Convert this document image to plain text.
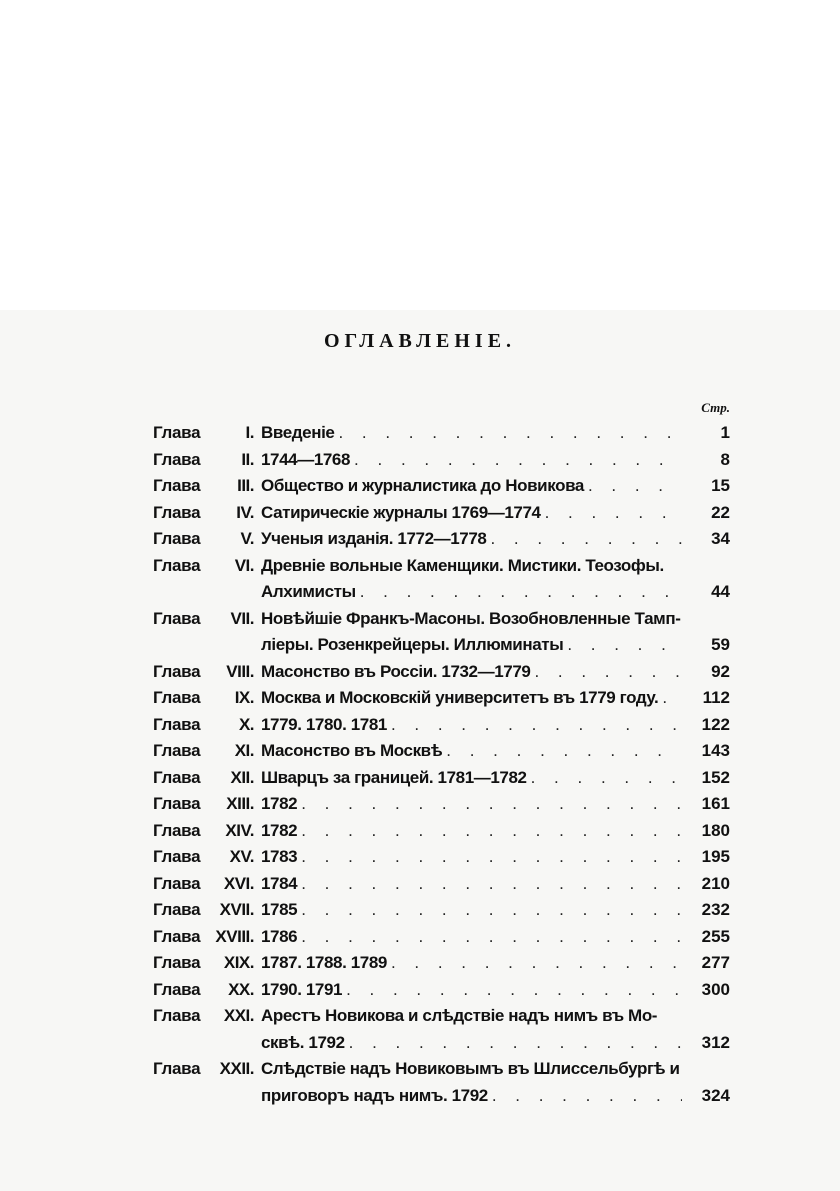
ОГЛАВЛЕНІЕ.
Стр.
Глава	I. Введеніе . . .	1
Глава	II. 1744—1768 . . .	8
Глава	III. Общество и журналистика до Новикова . . .	15
Глава	IV. Сатирическіе журналы 1769—1774 . . .	22
Глава	V. Ученыя изданія. 1772—1778 . . .	34
Глава	VI. Древніе вольные Каменщики. Мистики. Теозофы.
Алхимисты . . .	44
Глава	VII. Новѣйшіе Франкъ-Масоны. Возобновленные Тамп-
ліеры. Розенкрейцеры. Иллюминаты . . .	59
Глава	VIII. Масонство въ Россіи. 1732—1779 . . .	92
Глава	IX. Москва и Московскій университетъ въ 1779 году. . . .	112
Глава	X. 1779. 1780. 1781 . . .	122
Глава	XI. Масонство въ Москвѣ . . .	143
Глава	XII. Шварцъ за границей. 1781—1782 . . .	152
Глава	XIII. 1782 . . .	161
Глава	XIV. 1782 . . .	180
Глава	XV. 1783 . . .	195
Глава	XVI. 1784 . . .	210
Глава	XVII. 1785 . . .	232
Глава XVIII. 1786 . . .	255
Глава	XIX. 1787. 1788. 1789 . . .	277
Глава	XX. 1790. 1791 . . .	300
Глава	XXI. Арестъ Новикова и слѣдствіе надъ нимъ въ Мо-
сквѣ. 1792 . . .	312
Глава	XXII. Слѣдствіе надъ Новиковымъ въ Шлиссельбургѣ и
приговоръ надъ нимъ. 1792 . . .	324
